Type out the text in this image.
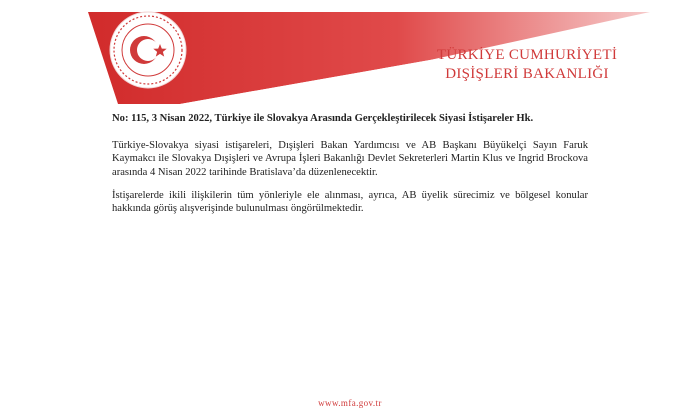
TÜRKİYE CUMHURİYETİ
DIŞİŞLERİ BAKANLIĞI

No: 115, 3 Nisan 2022, Türkiye ile Slovakya Arasında Gerçekleştirilecek Siyasi İstişareler Hk.

Türkiye-Slovakya siyasi istişareleri, Dışişleri Bakan Yardımcısı ve AB Başkanı Büyükelçi Sayın Faruk Kaymakcı ile Slovakya Dışişleri ve Avrupa İşleri Bakanlığı Devlet Sekreterleri Martin Klus ve Ingrid Brockova arasında 4 Nisan 2022 tarihinde Bratislava’da düzenlenecektir.

İstişarelerde ikili ilişkilerin tüm yönleriyle ele alınması, ayrıca, AB üyelik sürecimiz ve bölgesel konular hakkında görüş alışverişinde bulunulması öngörülmektedir.

www.mfa.gov.tr
